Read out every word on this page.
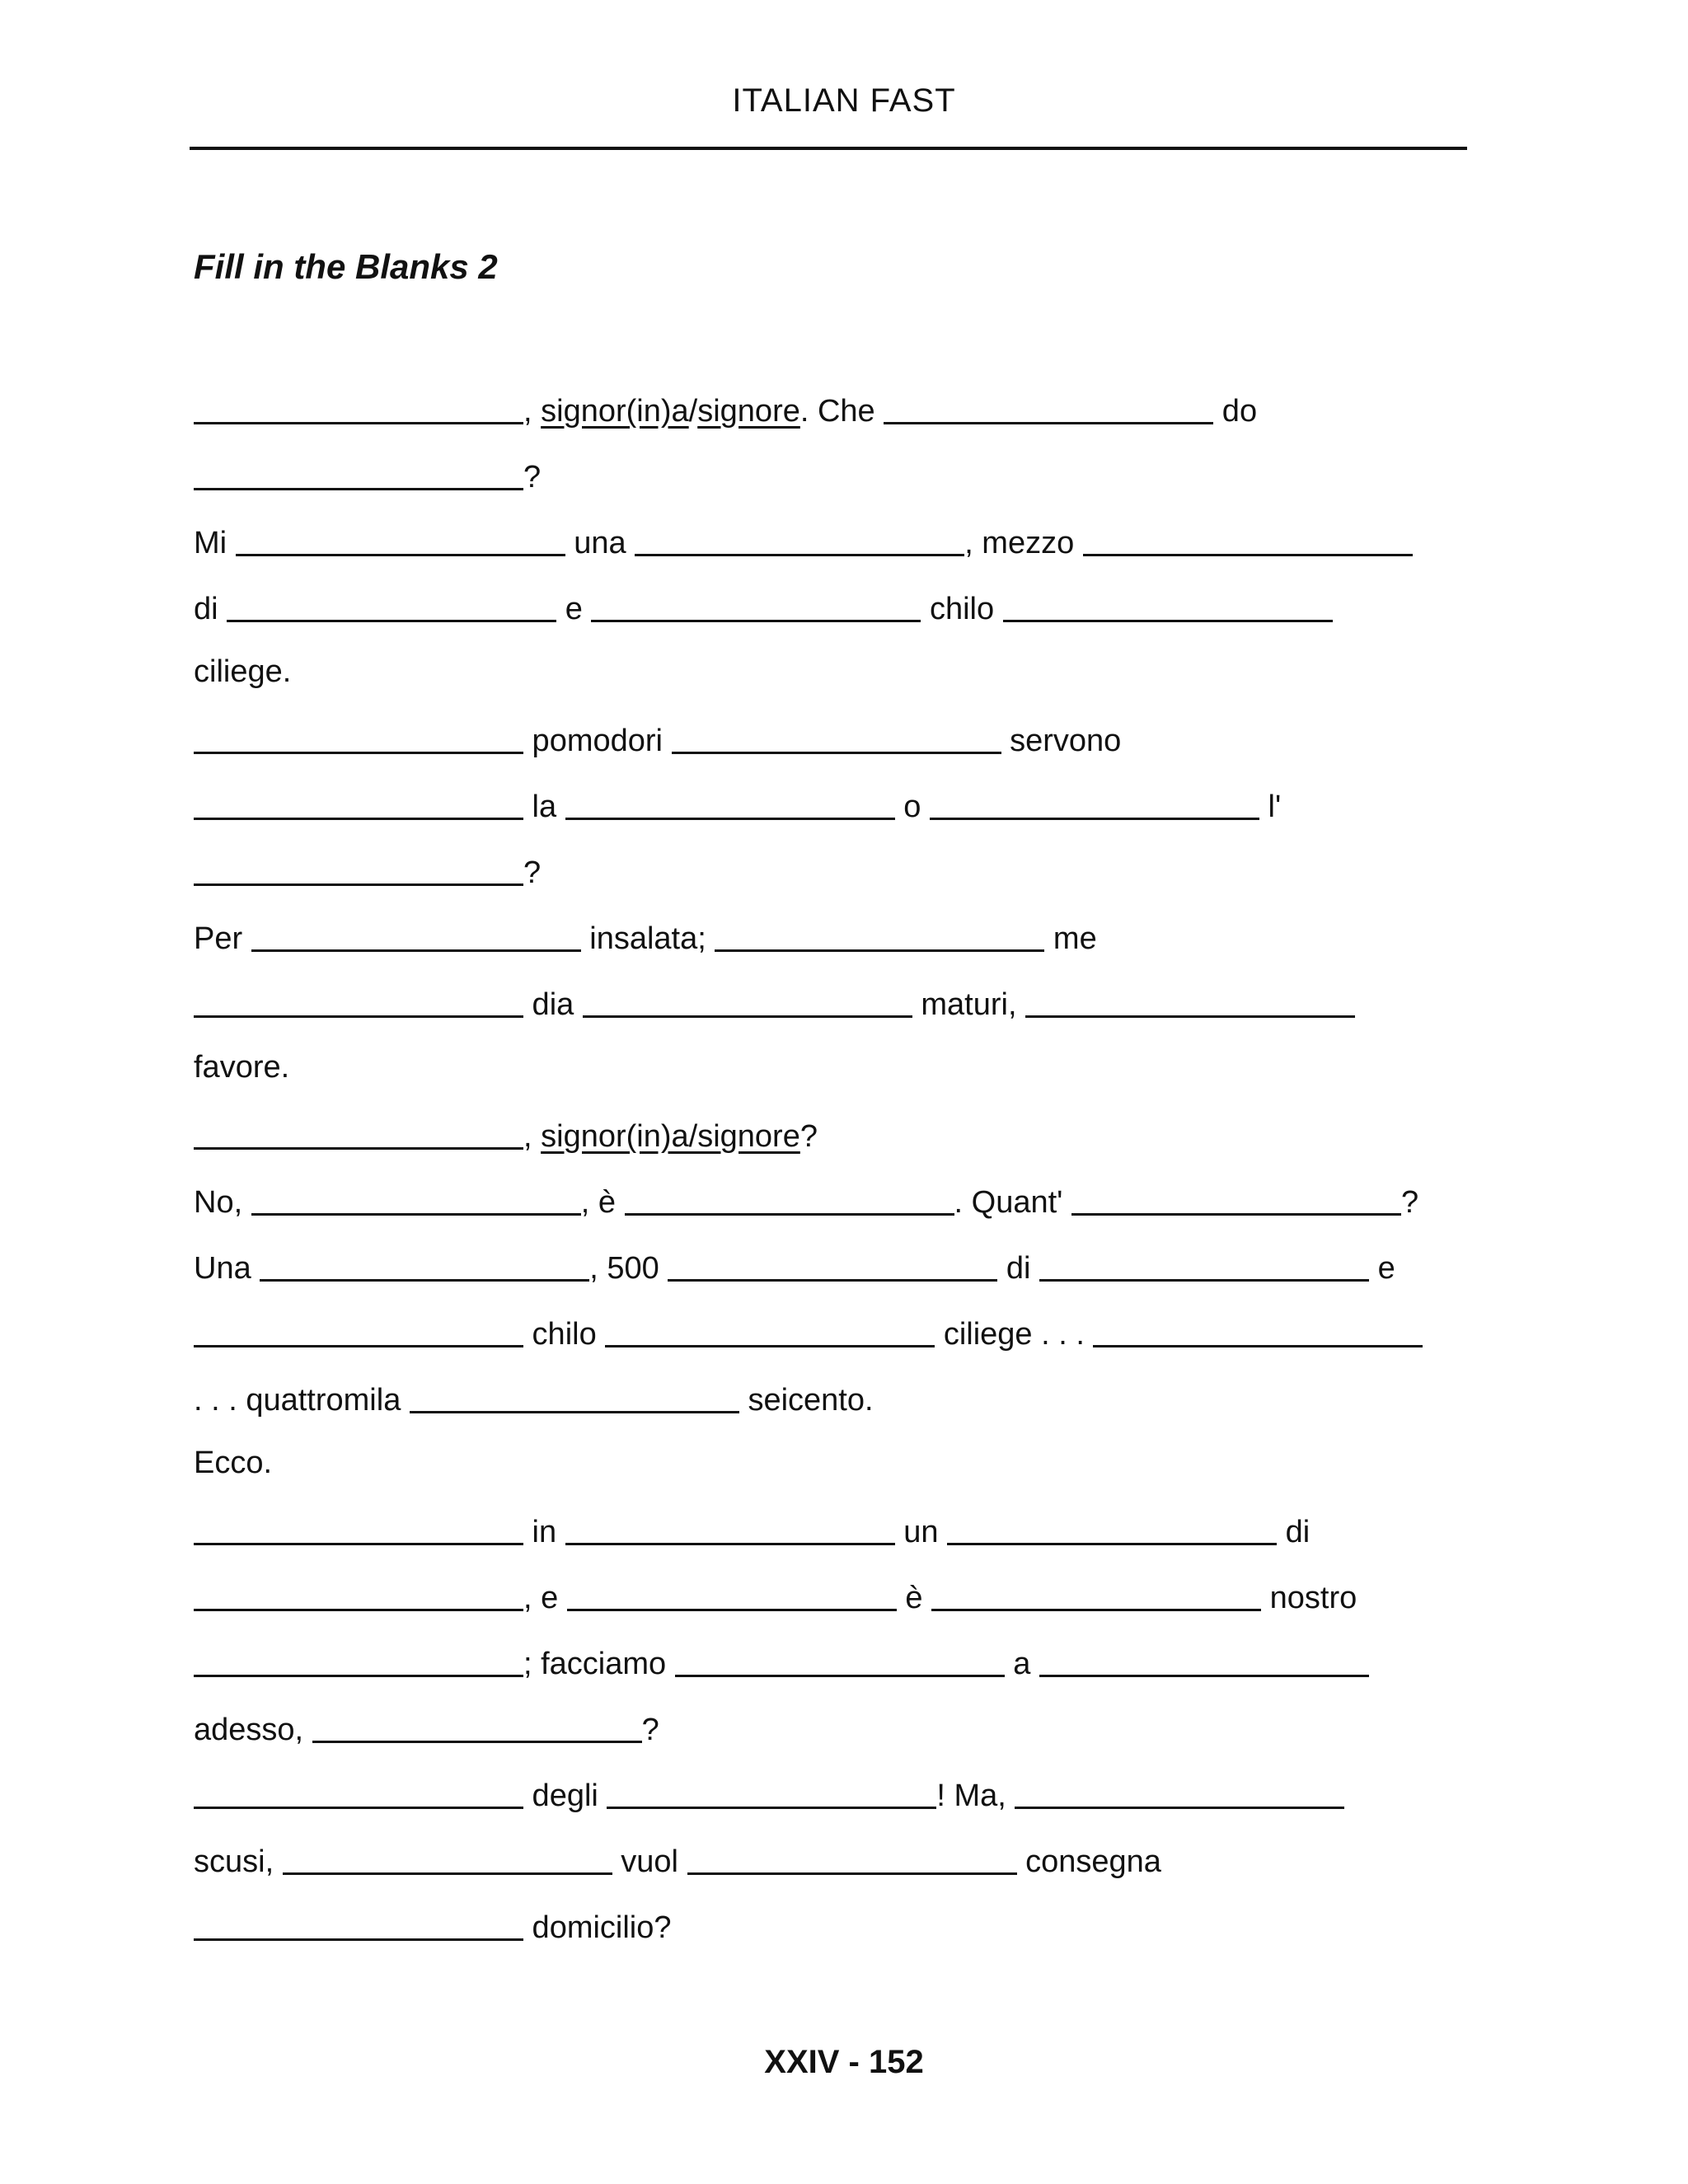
ITALIAN FAST
Fill in the Blanks 2
, signor(in)a/signore. Che	do
?
Mi	una	, mezzo
di	e	chilo
ciliege.
pomodori	servono
la	o	l'
?
Per	insalata;	me
dia	maturi,
favore.
, signor(in)a/signore?
No,	, è	. Quant'	?
Una	, 500	di	e
chilo	ciliege . . .
. . . quattromila	seicento.
Ecco.
in	un	di
, e	è	nostro
; facciamo	a
adesso,	?
degli	! Ma,
scusi,	vuol	consegna
domicilio?
XXIV - 152
